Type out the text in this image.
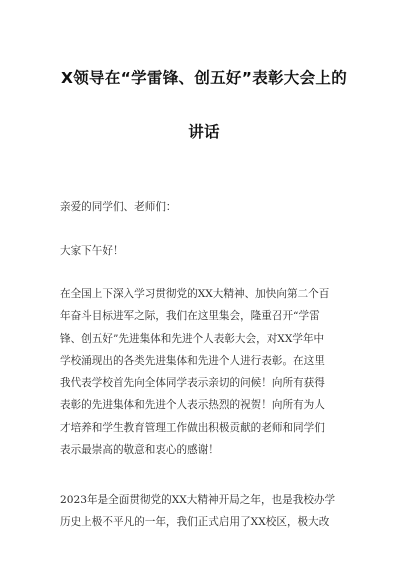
X领导在“学雷锋、创五好”表彰大会上的
讲话
亲爱的同学们、老师们：
大家下午好！
在全国上下深入学习贯彻党的XX大精神、加快向第二个百
年奋斗目标进军之际，我们在这里集会，隆重召开“学雷
锋、创五好”先进集体和先进个人表彰大会，对XX学年中
学校涌现出的各类先进集体和先进个人进行表彰。在这里
我代表学校首先向全体同学表示亲切的问候！向所有获得
表彰的先进集体和先进个人表示热烈的祝贺！向所有为人
才培养和学生教育管理工作做出积极贡献的老师和同学们
表示最崇高的敬意和衷心的感谢！
2023年是全面贯彻党的XX大精神开局之年，也是我校办学
历史上极不平凡的一年，我们正式启用了XX校区，极大改
